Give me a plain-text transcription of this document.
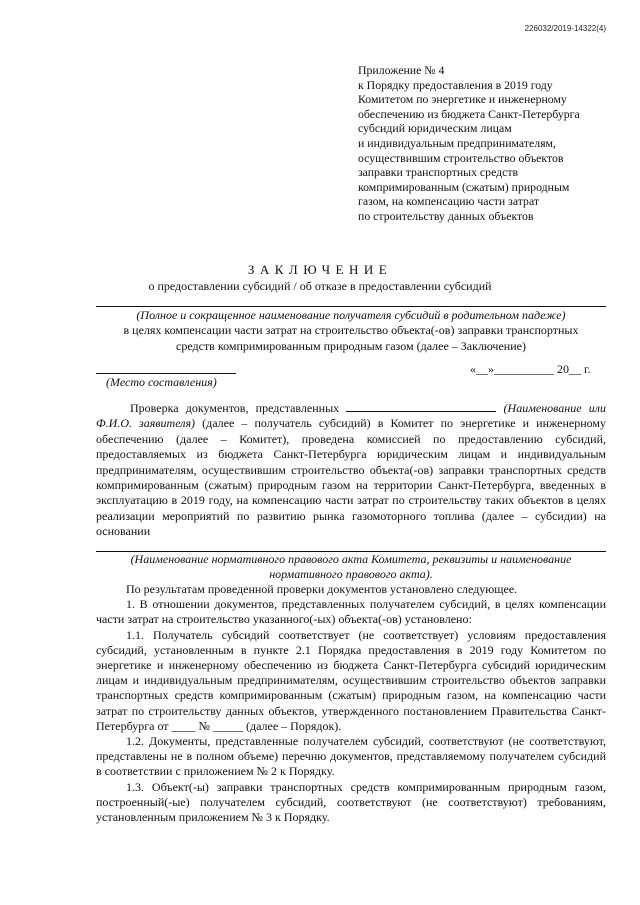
226032/2019-14322(4)
Приложение № 4
к Порядку предоставления в 2019 году
Комитетом по энергетике и инженерному
обеспечению из бюджета Санкт-Петербурга
субсидий юридическим лицам
и индивидуальным предпринимателям,
осуществившим строительство объектов
заправки транспортных средств
компримированным (сжатым) природным
газом, на компенсацию части затрат
по строительству данных объектов
ЗАКЛЮЧЕНИЕ
о предоставлении субсидий / об отказе в предоставлении субсидий
(Полное и сокращенное наименование получателя субсидий в родительном падеже)
в целях компенсации части затрат на строительство объекта(-ов) заправки транспортных
средств компримированным природным газом (далее – Заключение)
(Место составления)
«__»__________ 20__ г.

Проверка документов, представленных	(Наименование или Ф.И.О. заявителя) (далее – получатель субсидий) в Комитет по энергетике и инженерному обеспечению (далее – Комитет), проведена комиссией по предоставлению субсидий, предоставляемых из бюджета Санкт-Петербурга юридическим лицам и индивидуальным предпринимателям, осуществившим строительство объекта(-ов) заправки транспортных средств компримированным (сжатым) природным газом на территории Санкт-Петербурга, введенных в эксплуатацию в 2019 году, на компенсацию части затрат по строительству таких объектов в целях реализации мероприятий по развитию рынка газомоторного топлива (далее – субсидии) на основании

(Наименование нормативного правового акта Комитета, реквизиты и наименование нормативного правового акта).

По результатам проведенной проверки документов установлено следующее.

1. В отношении документов, представленных получателем субсидий, в целях компенсации части затрат на строительство указанного(-ых) объекта(-ов) установлено:

1.1. Получатель субсидий соответствует (не соответствует) условиям предоставления субсидий, установленным в пункте 2.1 Порядка предоставления в 2019 году Комитетом по энергетике и инженерному обеспечению из бюджета Санкт-Петербурга субсидий юридическим лицам и индивидуальным предпринимателям, осуществившим строительство объектов заправки транспортных средств компримированным (сжатым) природным газом, на компенсацию части затрат по строительству данных объектов, утвержденного постановлением Правительства Санкт-Петербурга от ____ № _____ (далее – Порядок).

1.2. Документы, представленные получателем субсидий, соответствуют (не соответствуют, представлены не в полном объеме) перечню документов, представляемому получателем субсидий в соответствии с приложением № 2 к Порядку.

1.3. Объект(-ы) заправки транспортных средств компримированным природным газом, построенный(-ые) получателем субсидий, соответствуют (не соответствуют) требованиям, установленным приложением № 3 к Порядку.
